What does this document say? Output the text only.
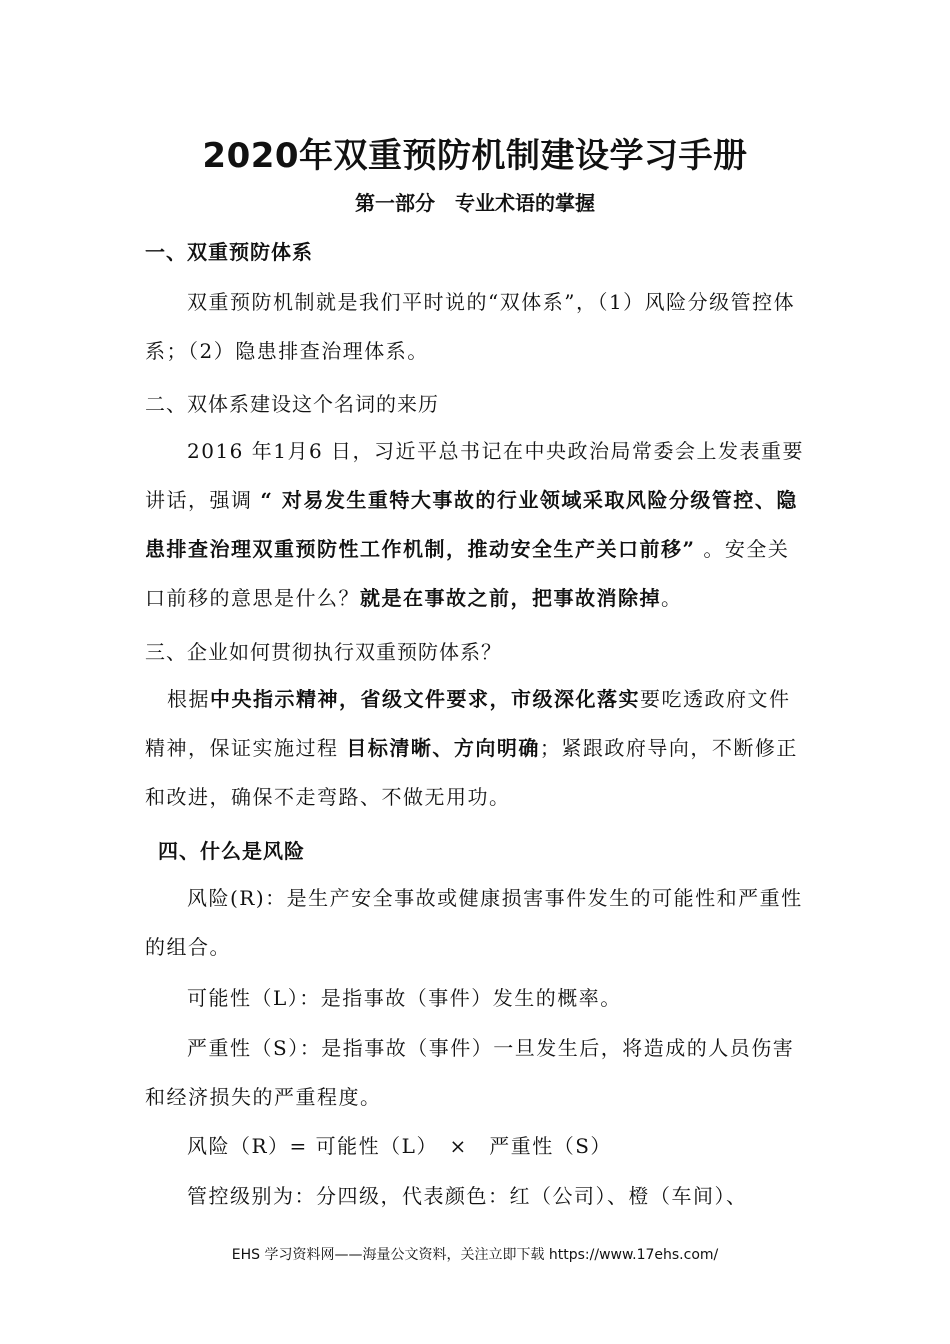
2020年双重预防机制建设学习手册
第一部分　专业术语的掌握

一、双重预防体系

双重预防机制就是我们平时说的“双体系”，（1）风险分级管控体系；（2）隐患排查治理体系。

二、双体系建设这个名词的来历

2016 年1月6 日，习近平总书记在中央政治局常委会上发表重要讲话，强调 “ 对易发生重特大事故的行业领域采取风险分级管控、隐患排查治理双重预防性工作机制，推动安全生产关口前移” 。安全关口前移的意思是什么？就是在事故之前，把事故消除掉。

三、企业如何贯彻执行双重预防体系？

根据中央指示精神，省级文件要求，市级深化落实要吃透政府文件精神，保证实施过程 目标清晰、方向明确；紧跟政府导向，不断修正和改进，确保不走弯路、不做无用功。

四、什么是风险

风险(R)：是生产安全事故或健康损害事件发生的可能性和严重性的组合。

可能性（L）：是指事故（事件）发生的概率。

严重性（S）：是指事故（事件）一旦发生后，将造成的人员伤害和经济损失的严重程度。

风险（R）= 可能性（L）　×　严重性（S）

管控级别为：分四级，代表颜色：红（公司）、橙（车间）、

EHS 学习资料网——海量公文资料，关注立即下载 https://www.17ehs.com/
